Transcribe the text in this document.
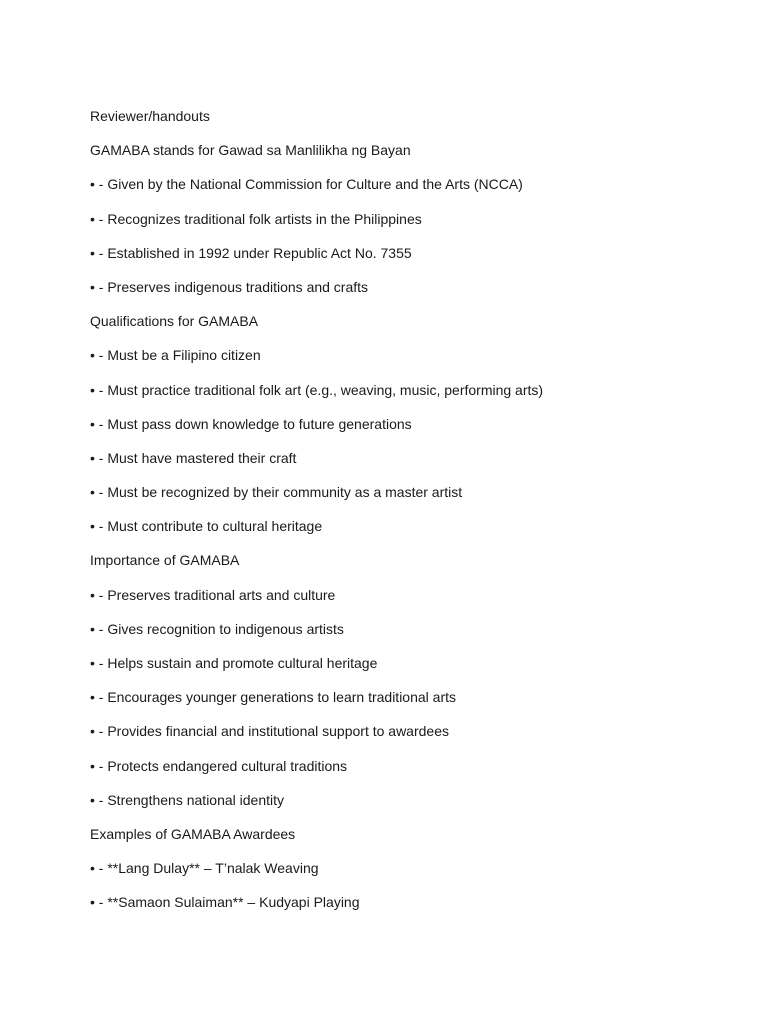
Reviewer/handouts
GAMABA stands for Gawad sa Manlilikha ng Bayan
• - Given by the National Commission for Culture and the Arts (NCCA)
• - Recognizes traditional folk artists in the Philippines
• - Established in 1992 under Republic Act No. 7355
• - Preserves indigenous traditions and crafts
Qualifications for GAMABA
• - Must be a Filipino citizen
• - Must practice traditional folk art (e.g., weaving, music, performing arts)
• - Must pass down knowledge to future generations
• - Must have mastered their craft
• - Must be recognized by their community as a master artist
• - Must contribute to cultural heritage
Importance of GAMABA
• - Preserves traditional arts and culture
• - Gives recognition to indigenous artists
• - Helps sustain and promote cultural heritage
• - Encourages younger generations to learn traditional arts
• - Provides financial and institutional support to awardees
• - Protects endangered cultural traditions
• - Strengthens national identity
Examples of GAMABA Awardees
• - **Lang Dulay** – T’nalak Weaving
• - **Samaon Sulaiman** – Kudyapi Playing
